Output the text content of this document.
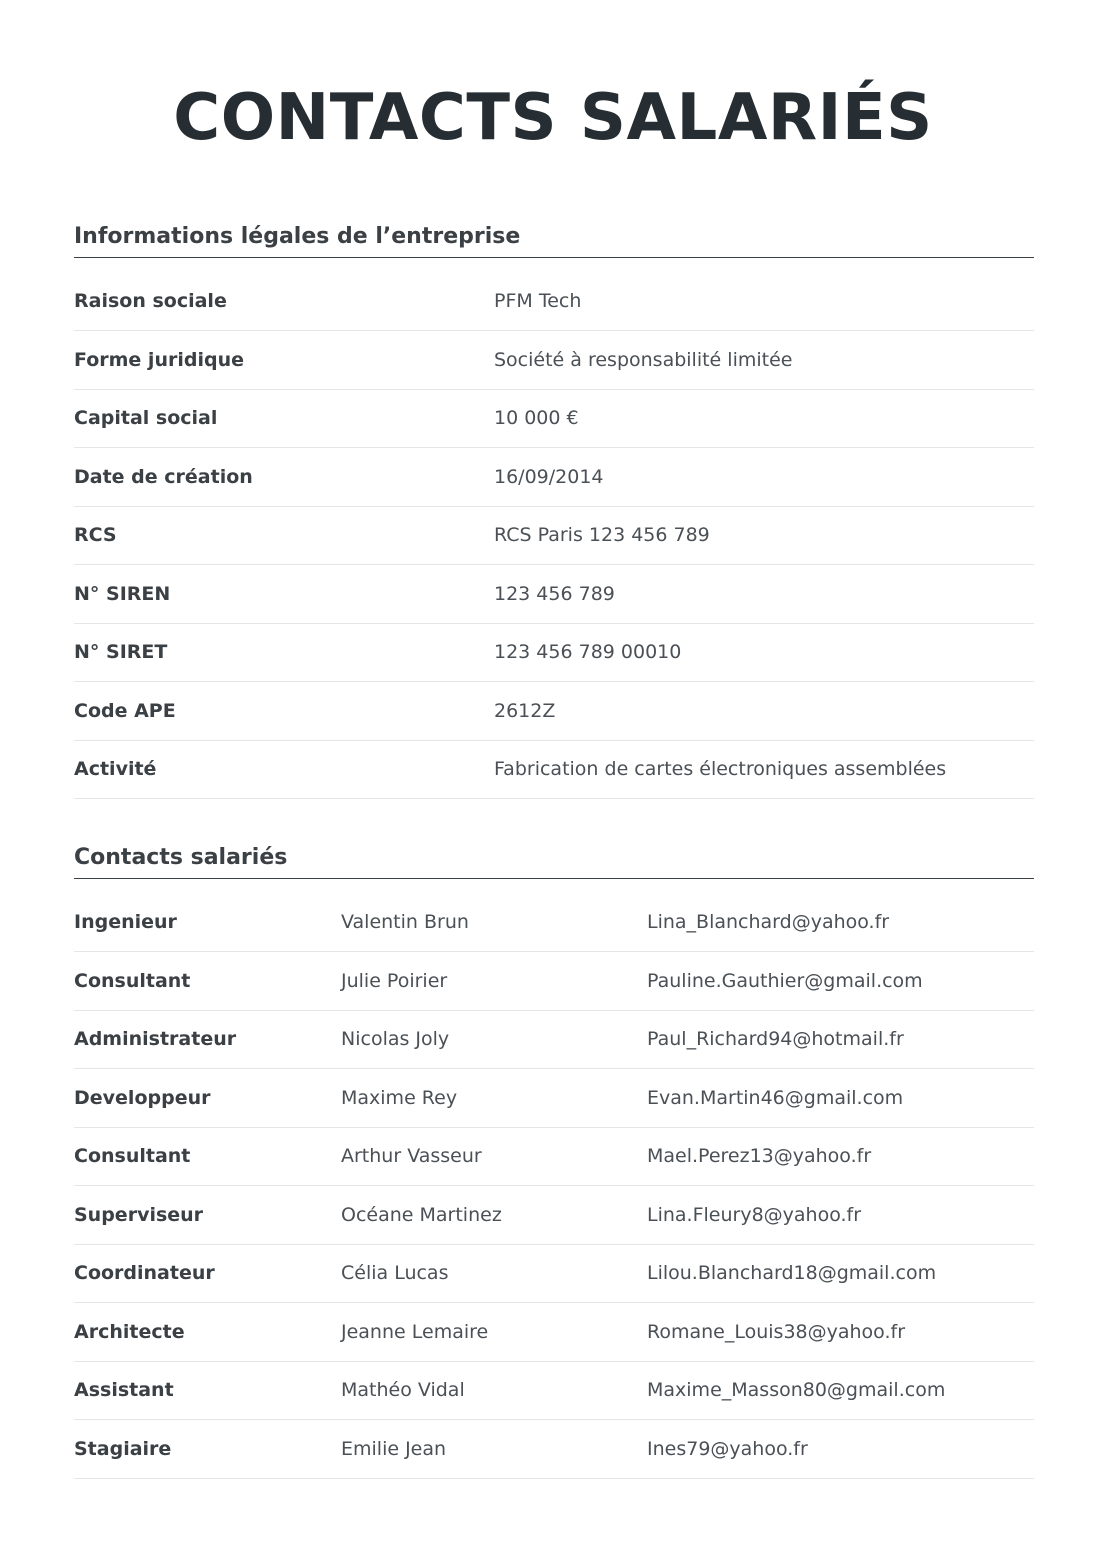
CONTACTS SALARIÉS
Informations légales de l’entreprise
Raison sociale	PFM Tech
Forme juridique	Société à responsabilité limitée
Capital social	10 000 €
Date de création	16/09/2014
RCS	RCS Paris 123 456 789
N° SIREN	123 456 789
N° SIRET	123 456 789 00010
Code APE	2612Z
Activité	Fabrication de cartes électroniques assemblées
Contacts salariés
Ingenieur	Valentin Brun	Lina_Blanchard@yahoo.fr
Consultant	Julie Poirier	Pauline.Gauthier@gmail.com
Administrateur	Nicolas Joly	Paul_Richard94@hotmail.fr
Developpeur	Maxime Rey	Evan.Martin46@gmail.com
Consultant	Arthur Vasseur	Mael.Perez13@yahoo.fr
Superviseur	Océane Martinez	Lina.Fleury8@yahoo.fr
Coordinateur	Célia Lucas	Lilou.Blanchard18@gmail.com
Architecte	Jeanne Lemaire	Romane_Louis38@yahoo.fr
Assistant	Mathéo Vidal	Maxime_Masson80@gmail.com
Stagiaire	Emilie Jean	Ines79@yahoo.fr
